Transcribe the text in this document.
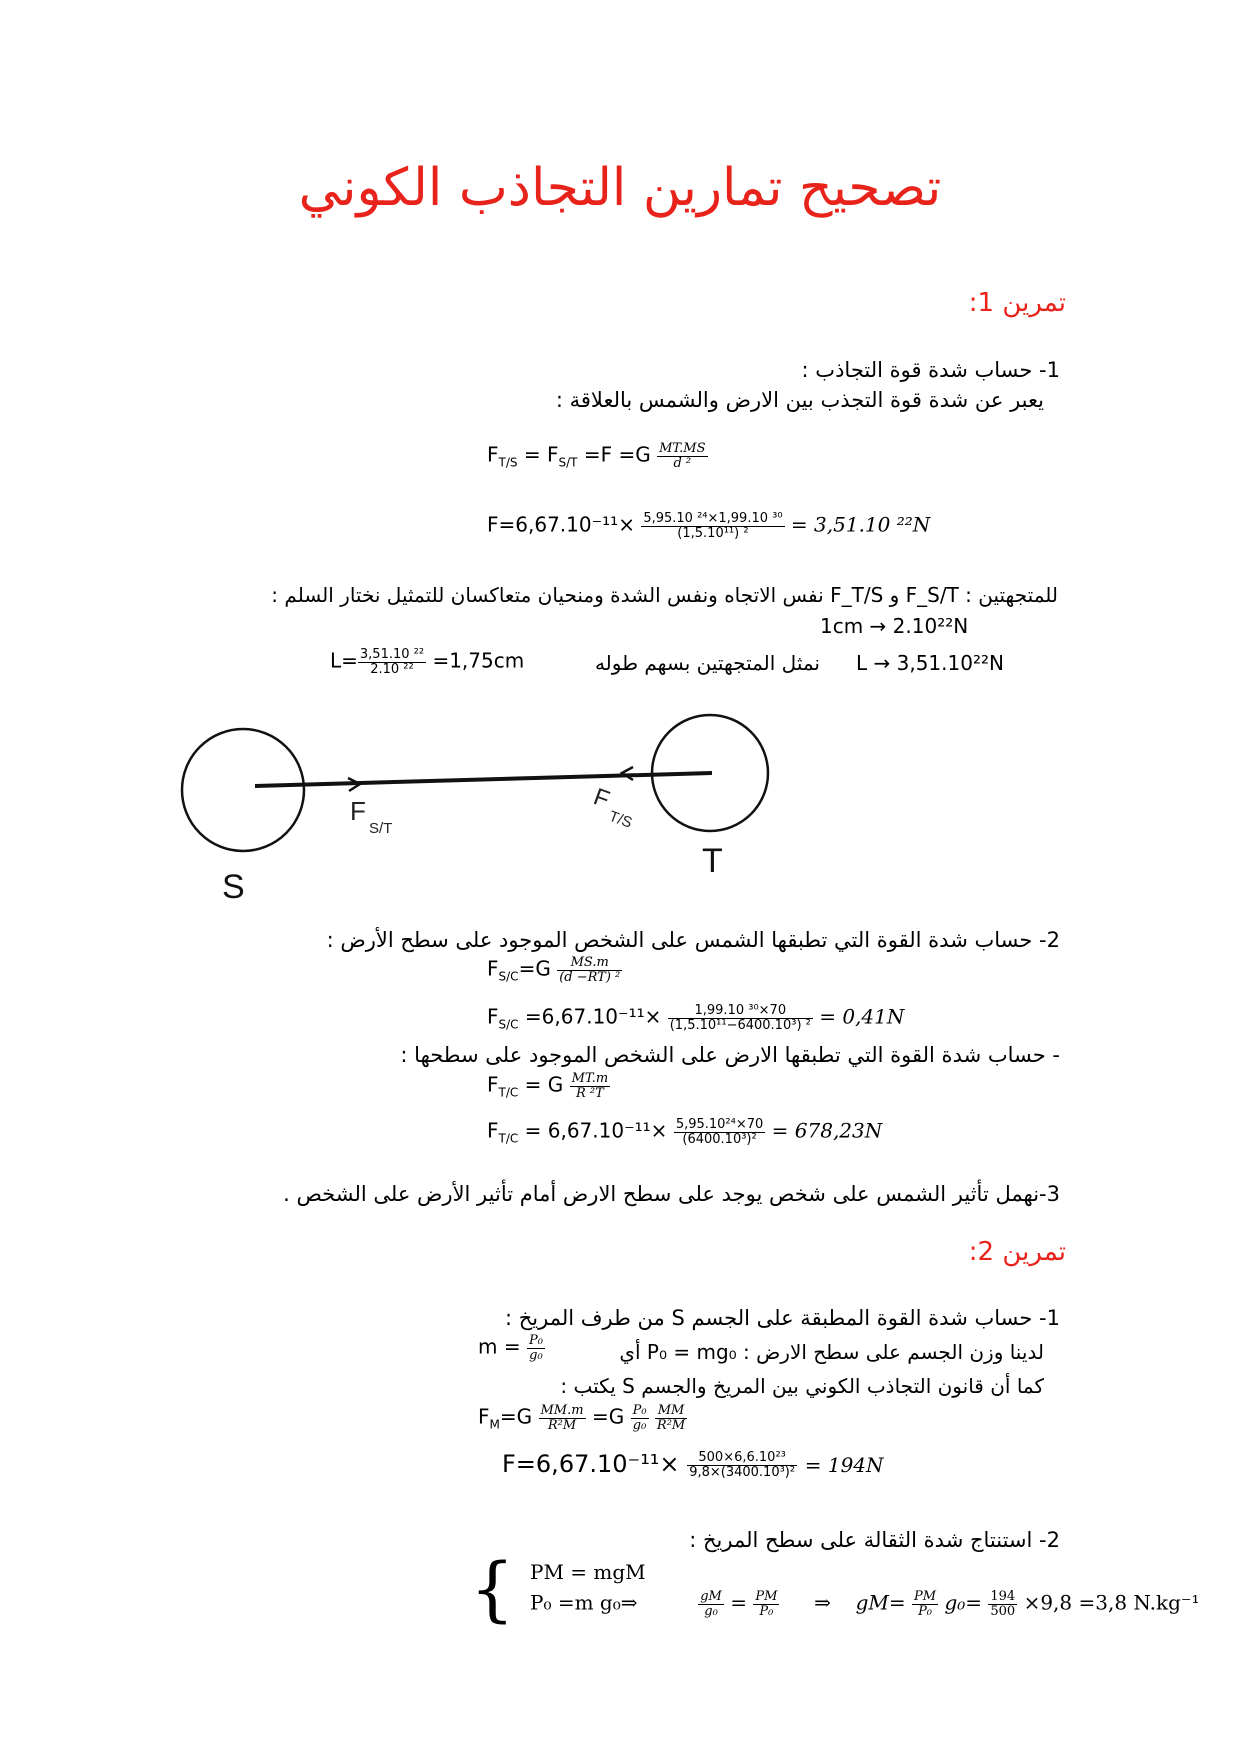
تصحيح تمارين التجاذب الكوني
تمرين 1:
1- حساب شدة قوة التجاذب :
يعبر عن شدة قوة التجذب بين الارض والشمس بالعلاقة :
$F_{T/S} = F_{S/T} =F =G \frac{MT.MS}{\text{d ²}}$
$F=6,67.10^{-11}\times \frac{\text{5,95.10 ²⁴×1,99.10 ³⁰}}{\text{(1,5.10¹¹) ²}} = 3,51.10$ ²²N
للمتجهتين : F_S/T و F_T/S نفس الاتجاه ونفس الشدة ومنحيان متعاكسان للتمثيل نختار السلم :
1cm → 2.10²²N
$L= \frac{\text{3,51.10 ²²}}{\text{2.10 ²²}} =1,75cm$	نمثل المتجهتين بسهم طوله L → 3,51.10²²N
F
S/T
F
T/S
S
T
2- حساب شدة القوة التي تطبقها الشمس على الشخص الموجود على سطح الأرض :
$F_{S/C}=G \frac{MS.m}{\text{(d −RT) ²}}$
$F_{S/C} =6,67.10^{-11}\times \frac{\text{1,99.10 ³⁰×70}}{\text{(1,5.10¹¹−6400.10³) ²}} = 0,41N$
- حساب شدة القوة التي تطبقها الارض على الشخص الموجود على سطحها :
$F_{T/C} = G \frac{MT.m}{\text{R ²T}}$
$F_{T/C} = 6,67.10^{-11}\times \frac{\text{5,95.10²⁴×70}}{\text{(6400.10³)²}} = 678,23N$
3-نهمل تأثير الشمس على شخص يوجد على سطح الارض أمام تأثير الأرض على الشخص .
تمرين 2:
1- حساب شدة القوة المطبقة على الجسم S من طرف المريخ :
لدينا وزن الجسم على سطح الارض : P₀ = mg₀ أي
$m = \frac{\text{P₀}}{\text{g₀}}$
كما أن قانون التجاذب الكوني بين المريخ والجسم S يكتب :
$F_M=G \frac{MM.m}{\text{R²M}} =G \frac{\text{P₀}}{\text{g₀}}$
$\frac{MM}{\text{R²M}}$
$F=6,67.10^{-11}\times \frac{\text{500×6,6.10²³}}{\text{9,8×(3400.10³)²}} = 194N$
2- استنتاج شدة الثقالة على سطح المريخ :
{ PM = mgM
P₀ =m g₀⇒	$\frac{gM}{\text{g₀}} = \frac{PM}{\text{P₀}}$ ⇒ $gM= \frac{PM}{\text{P₀}} g_0= \frac{194}{500} \times 9,8 =3,8$ N.kg⁻¹
